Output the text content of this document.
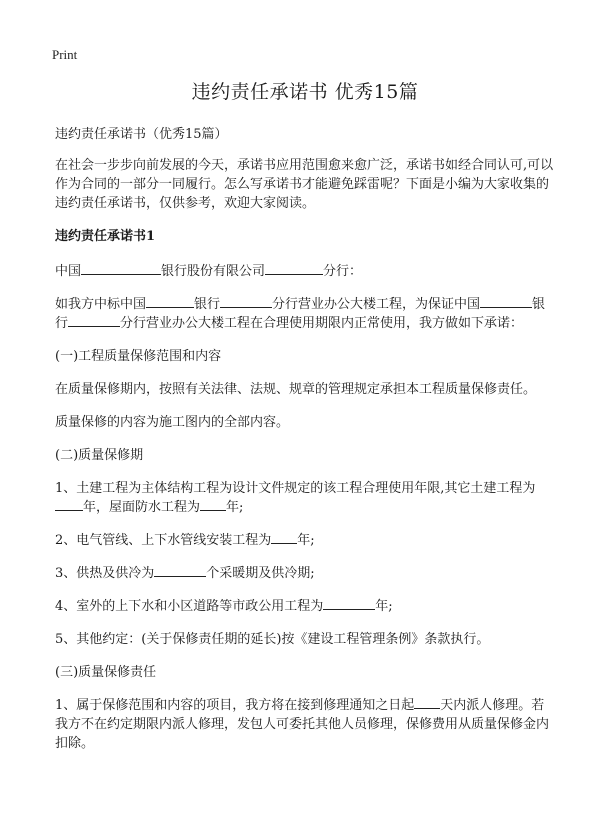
Print
违约责任承诺书 优秀15篇
违约责任承诺书（优秀15篇）

在社会一步步向前发展的今天，承诺书应用范围愈来愈广泛，承诺书如经合同认可,可以作为合同的一部分一同履行。怎么写承诺书才能避免踩雷呢？下面是小编为大家收集的违约责任承诺书，仅供参考，欢迎大家阅读。

违约责任承诺书1

中国	银行股份有限公司	分行：

如我方中标中国	银行	分行营业办公大楼工程，为保证中国	银行	分行营业办公大楼工程在合理使用期限内正常使用，我方做如下承诺：

(一)工程质量保修范围和内容

在质量保修期内，按照有关法律、法规、规章的管理规定承担本工程质量保修责任。

质量保修的内容为施工图内的全部内容。

(二)质量保修期

1、土建工程为主体结构工程为设计文件规定的该工程合理使用年限,其它土建工程为年，屋面防水工程为 年;

2、电气管线、上下水管线安装工程为 年;

3、供热及供冷为	个采暖期及供冷期;

4、室外的上下水和小区道路等市政公用工程为	年;

5、其他约定：(关于保修责任期的延长)按《建设工程管理条例》条款执行。

(三)质量保修责任

1、属于保修范围和内容的项目，我方将在接到修理通知之日起 天内派人修理。若我方不在约定期限内派人修理，发包人可委托其他人员修理，保修费用从质量保修金内扣除。
